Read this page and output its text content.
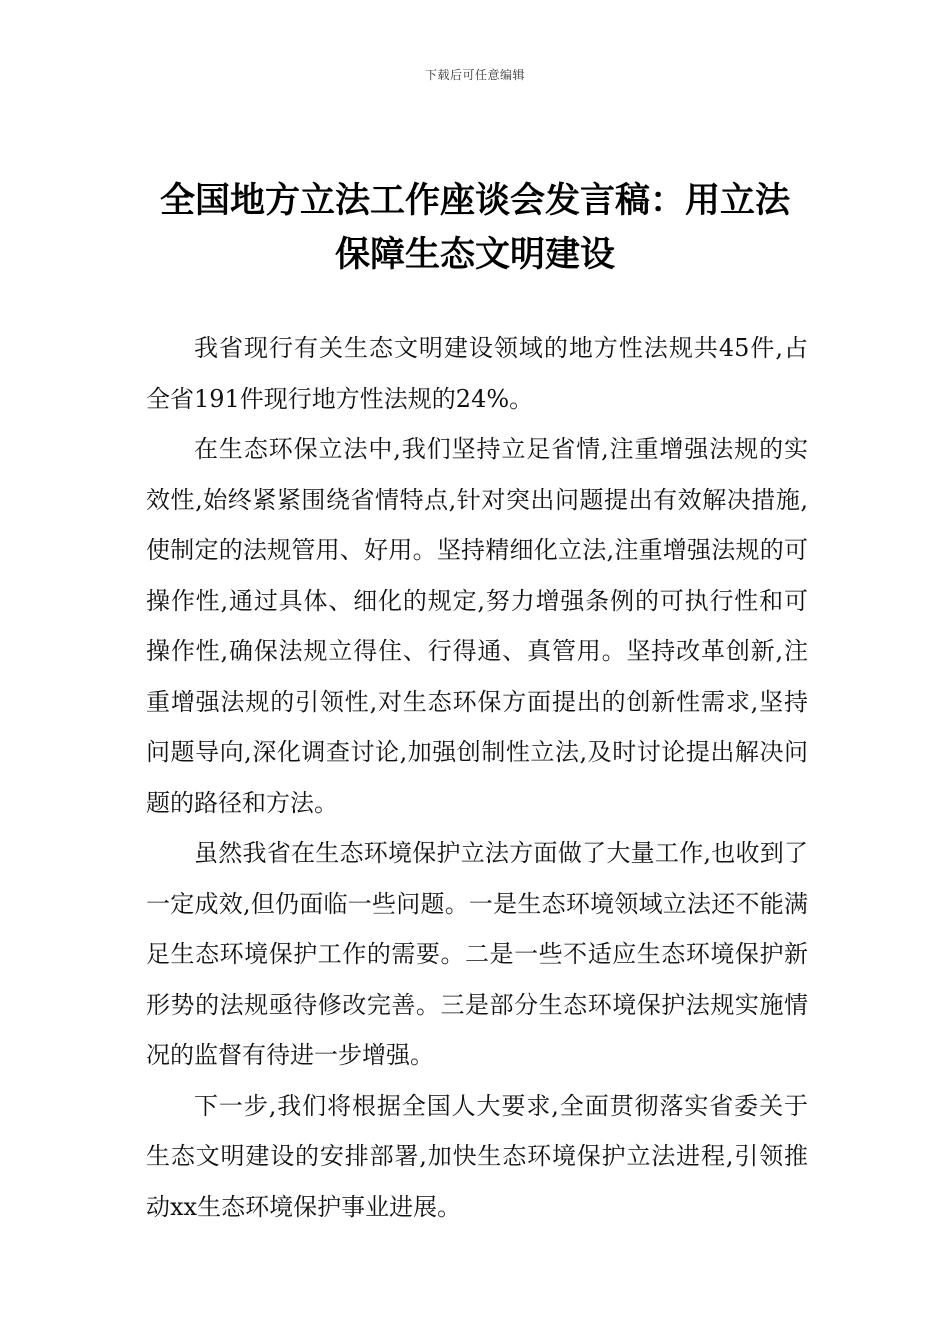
下载后可任意编辑
全国地方立法工作座谈会发言稿：用立法
保障生态文明建设

我省现行有关生态文明建设领域的地方性法规共45件,占全省191件现行地方性法规的24%。

在生态环保立法中,我们坚持立足省情,注重增强法规的实效性,始终紧紧围绕省情特点,针对突出问题提出有效解决措施,使制定的法规管用、好用。坚持精细化立法,注重增强法规的可操作性,通过具体、细化的规定,努力增强条例的可执行性和可操作性,确保法规立得住、行得通、真管用。坚持改革创新,注重增强法规的引领性,对生态环保方面提出的创新性需求,坚持问题导向,深化调查讨论,加强创制性立法,及时讨论提出解决问题的路径和方法。

虽然我省在生态环境保护立法方面做了大量工作,也收到了一定成效,但仍面临一些问题。一是生态环境领域立法还不能满足生态环境保护工作的需要。二是一些不适应生态环境保护新形势的法规亟待修改完善。三是部分生态环境保护法规实施情况的监督有待进一步增强。

下一步,我们将根据全国人大要求,全面贯彻落实省委关于生态文明建设的安排部署,加快生态环境保护立法进程,引领推动xx生态环境保护事业进展。
